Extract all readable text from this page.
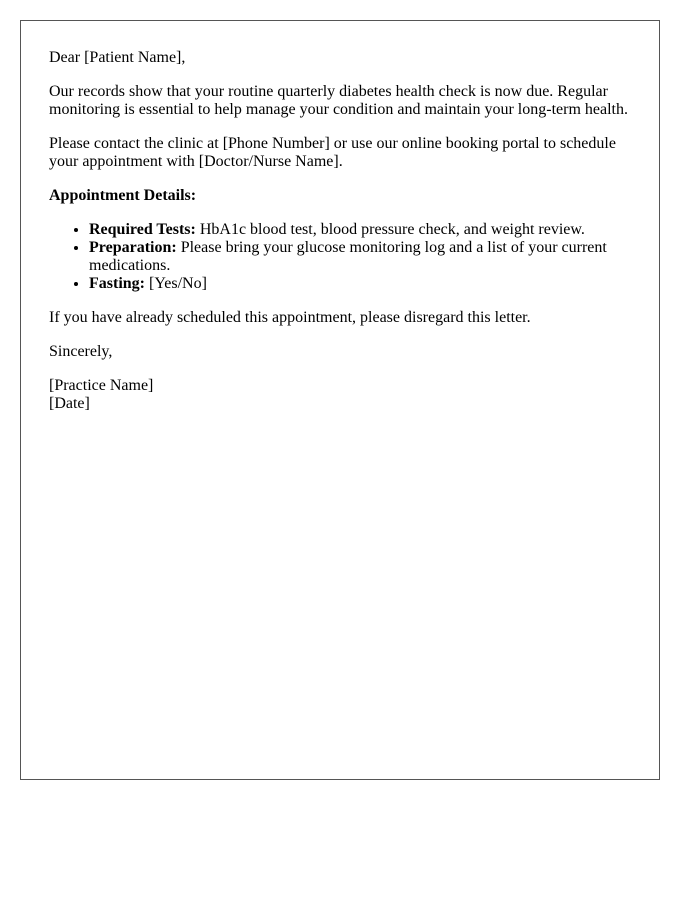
Dear [Patient Name],

Our records show that your routine quarterly diabetes health check is now due. Regular monitoring is essential to help manage your condition and maintain your long-term health.

Please contact the clinic at [Phone Number] or use our online booking portal to schedule your appointment with [Doctor/Nurse Name].

Appointment Details:

• Required Tests: HbA1c blood test, blood pressure check, and weight review.
• Preparation: Please bring your glucose monitoring log and a list of your current medications.
• Fasting: [Yes/No]

If you have already scheduled this appointment, please disregard this letter.

Sincerely,

[Practice Name]
[Date]
